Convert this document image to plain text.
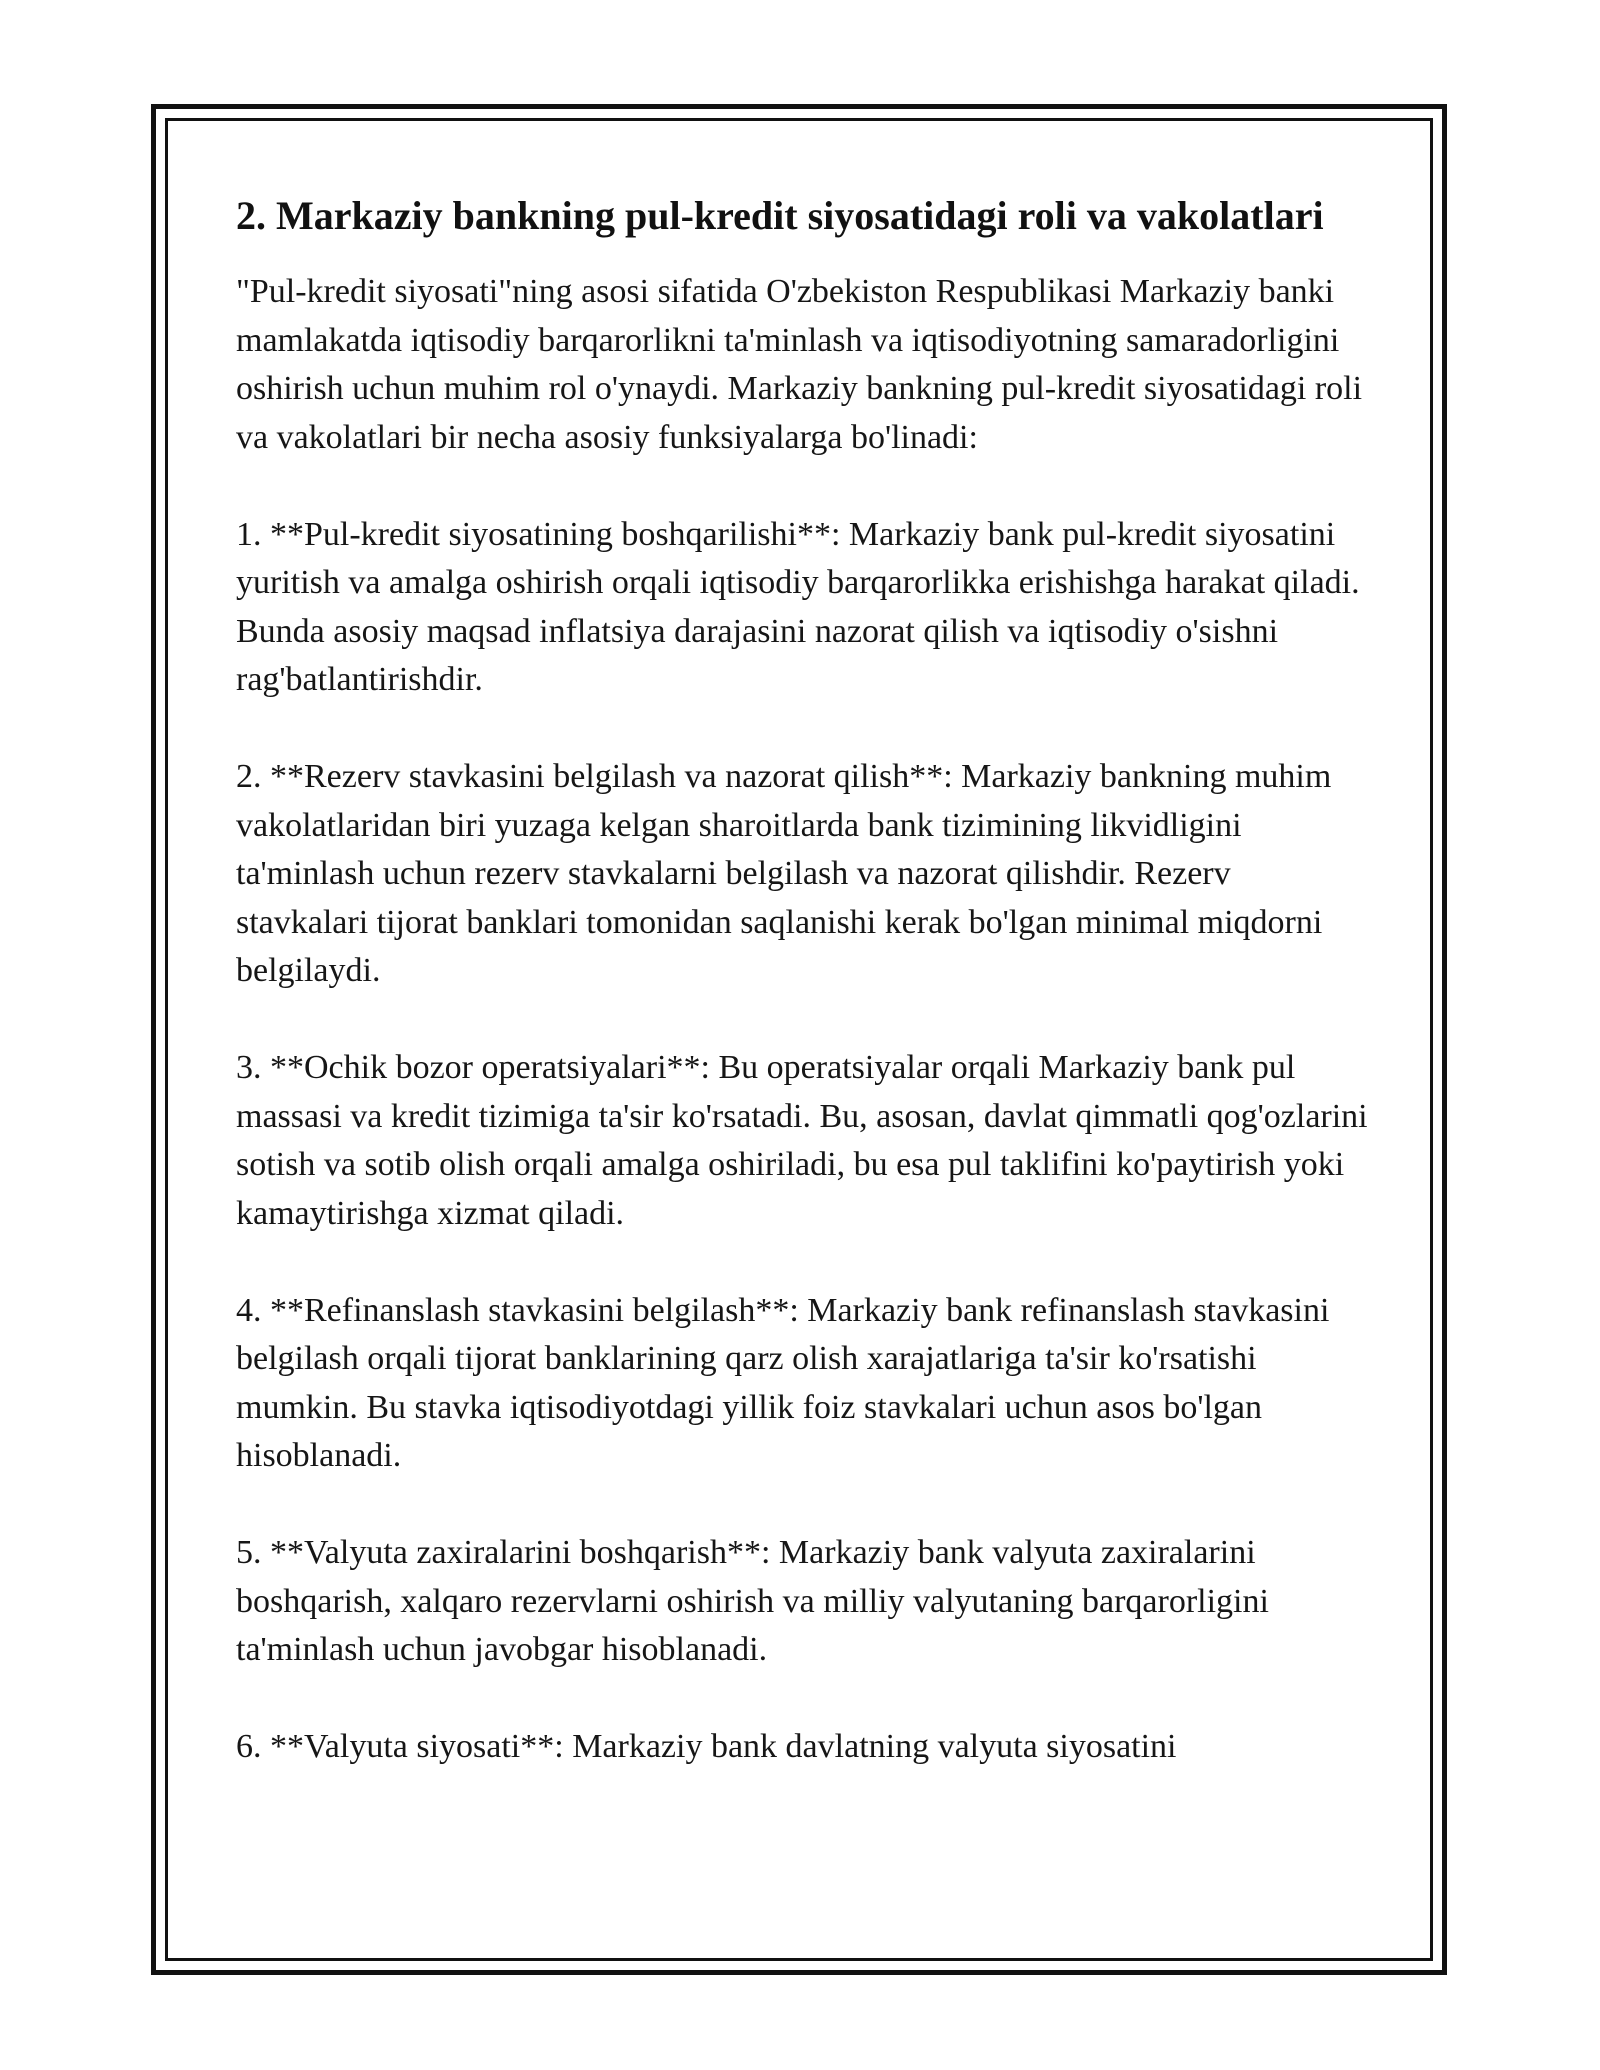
2. Markaziy bankning pul-kredit siyosatidagi roli va vakolatlari

"Pul-kredit siyosati"ning asosi sifatida O'zbekiston Respublikasi Markaziy banki mamlakatda iqtisodiy barqarorlikni ta'minlash va iqtisodiyotning samaradorligini oshirish uchun muhim rol o'ynaydi. Markaziy bankning pul-kredit siyosatidagi roli va vakolatlari bir necha asosiy funksiyalarga bo'linadi:

1. **Pul-kredit siyosatining boshqarilishi**: Markaziy bank pul-kredit siyosatini yuritish va amalga oshirish orqali iqtisodiy barqarorlikka erishishga harakat qiladi. Bunda asosiy maqsad inflatsiya darajasini nazorat qilish va iqtisodiy o'sishni rag'batlantirishdir.

2. **Rezerv stavkasini belgilash va nazorat qilish**: Markaziy bankning muhim vakolatlaridan biri yuzaga kelgan sharoitlarda bank tizimining likvidligini ta'minlash uchun rezerv stavkalarni belgilash va nazorat qilishdir. Rezerv stavkalari tijorat banklari tomonidan saqlanishi kerak bo'lgan minimal miqdorni belgilaydi.

3. **Ochik bozor operatsiyalari**: Bu operatsiyalar orqali Markaziy bank pul massasi va kredit tizimiga ta'sir ko'rsatadi. Bu, asosan, davlat qimmatli qog'ozlarini sotish va sotib olish orqali amalga oshiriladi, bu esa pul taklifini ko'paytirish yoki kamaytirishga xizmat qiladi.

4. **Refinanslash stavkasini belgilash**: Markaziy bank refinanslash stavkasini belgilash orqali tijorat banklarining qarz olish xarajatlariga ta'sir ko'rsatishi mumkin. Bu stavka iqtisodiyotdagi yillik foiz stavkalari uchun asos bo'lgan hisoblanadi.

5. **Valyuta zaxiralarini boshqarish**: Markaziy bank valyuta zaxiralarini boshqarish, xalqaro rezervlarni oshirish va milliy valyutaning barqarorligini ta'minlash uchun javobgar hisoblanadi.

6. **Valyuta siyosati**: Markaziy bank davlatning valyuta siyosatini
